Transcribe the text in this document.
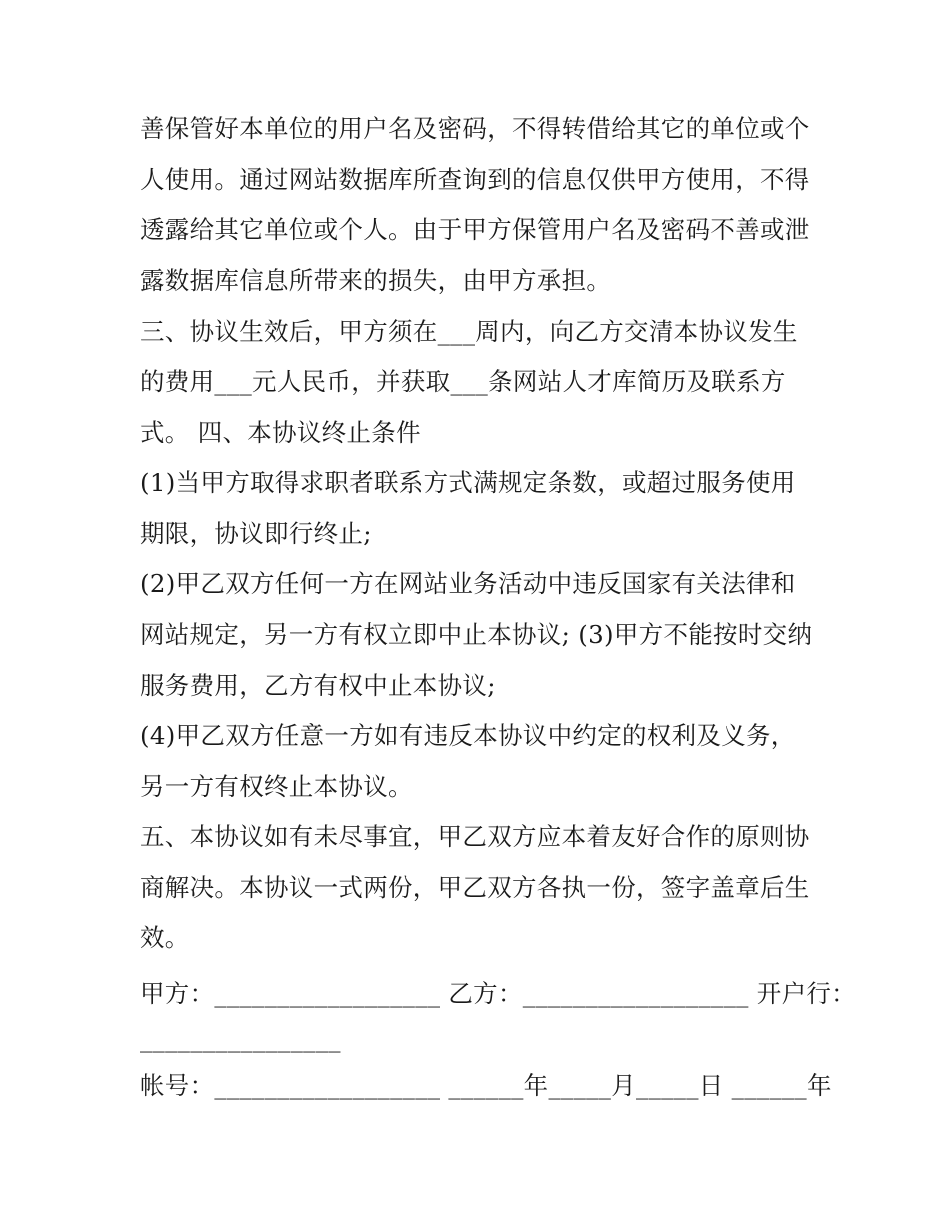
善保管好本单位的用户名及密码，不得转借给其它的单位或个
人使用。通过网站数据库所查询到的信息仅供甲方使用，不得
透露给其它单位或个人。由于甲方保管用户名及密码不善或泄
露数据库信息所带来的损失，由甲方承担。
三、协议生效后，甲方须在___周内，向乙方交清本协议发生
的费用___元人民币，并获取___条网站人才库简历及联系方
式。 四、本协议终止条件
(1)当甲方取得求职者联系方式满规定条数，或超过服务使用
期限，协议即行终止;
(2)甲乙双方任何一方在网站业务活动中违反国家有关法律和
网站规定，另一方有权立即中止本协议; (3)甲方不能按时交纳
服务费用，乙方有权中止本协议;
(4)甲乙双方任意一方如有违反本协议中约定的权利及义务，
另一方有权终止本协议。
五、本协议如有未尽事宜，甲乙双方应本着友好合作的原则协
商解决。本协议一式两份，甲乙双方各执一份，签字盖章后生
效。
甲方：__________________ 乙方：__________________ 开户行：
________________
帐号：__________________ ______年_____月_____日 ______年
